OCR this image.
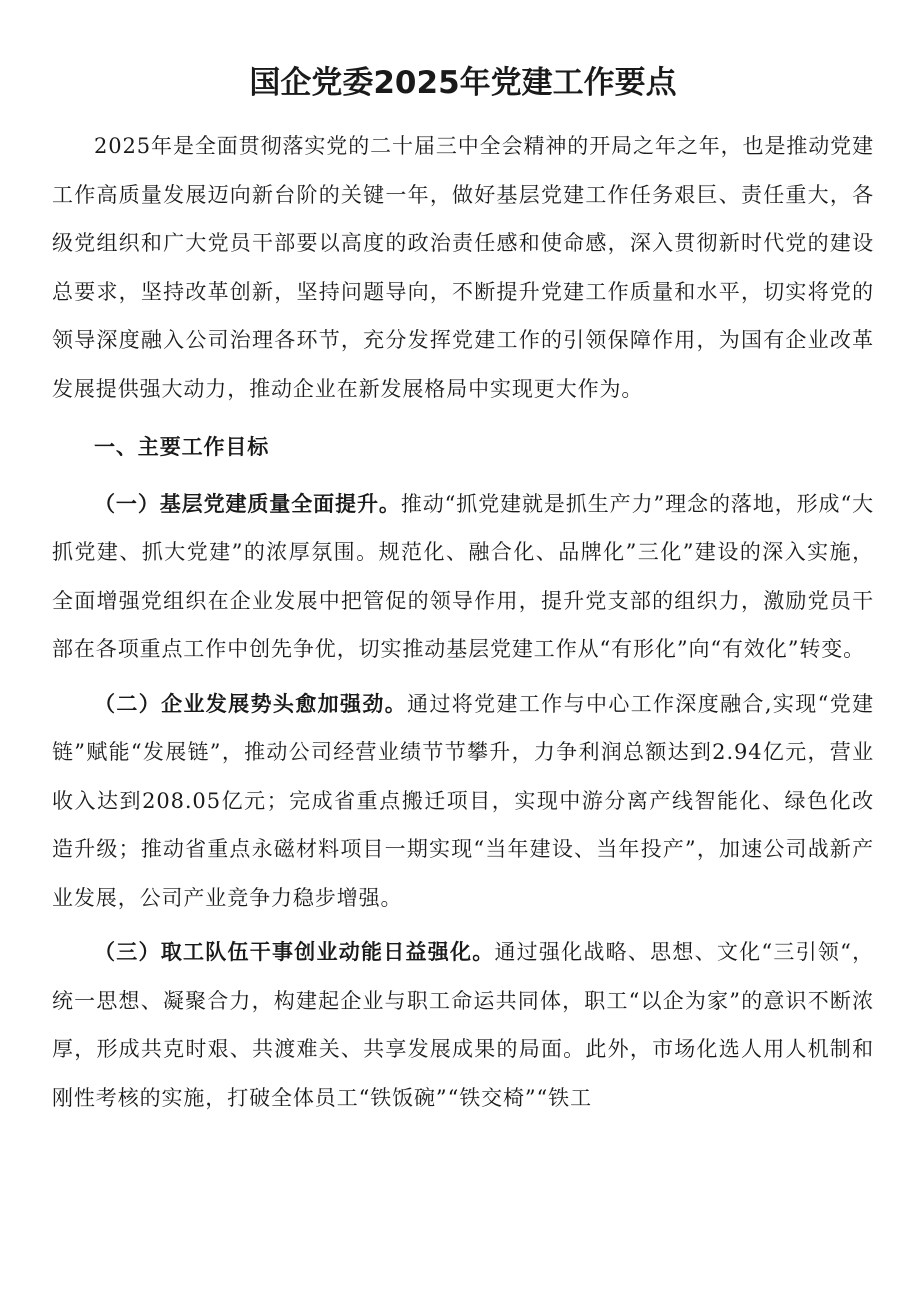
国企党委2025年党建工作要点

2025年是全面贯彻落实党的二十届三中全会精神的开局之年之年，也是推动党建工作高质量发展迈向新台阶的关键一年，做好基层党建工作任务艰巨、责任重大，各级党组织和广大党员干部要以高度的政治责任感和使命感，深入贯彻新时代党的建设总要求，坚持改革创新，坚持问题导向，不断提升党建工作质量和水平，切实将党的领导深度融入公司治理各环节，充分发挥党建工作的引领保障作用，为国有企业改革发展提供强大动力，推动企业在新发展格局中实现更大作为。

一、主要工作目标

（一）基层党建质量全面提升。推动“抓党建就是抓生产力”理念的落地，形成“大抓党建、抓大党建”的浓厚氛围。规范化、融合化、品牌化”三化”建设的深入实施，全面增强党组织在企业发展中把管促的领导作用，提升党支部的组织力，激励党员干部在各项重点工作中创先争优，切实推动基层党建工作从“有形化”向“有效化”转变。

（二）企业发展势头愈加强劲。通过将党建工作与中心工作深度融合,实现“党建链”赋能“发展链”，推动公司经营业绩节节攀升，力争利润总额达到2.94亿元，营业收入达到208.05亿元；完成省重点搬迁项目，实现中游分离产线智能化、绿色化改造升级；推动省重点永磁材料项目一期实现“当年建设、当年投产”，加速公司战新产业发展，公司产业竞争力稳步增强。

（三）取工队伍干事创业动能日益强化。通过强化战略、思想、文化“三引领“，统一思想、凝聚合力，构建起企业与职工命运共同体，职工“以企为家”的意识不断浓厚，形成共克时艰、共渡难关、共享发展成果的局面。此外，市场化选人用人机制和刚性考核的实施，打破全体员工“铁饭碗”“铁交椅”“铁工
